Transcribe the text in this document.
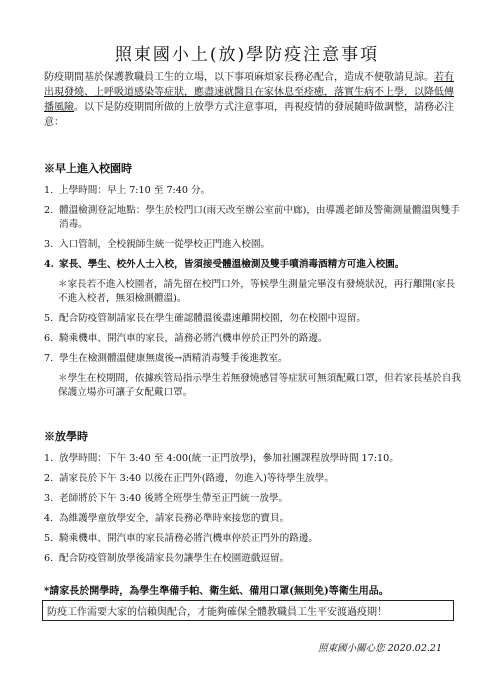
照東國小上(放)學防疫注意事項
防疫期間基於保護教職員工生的立場，以下事項麻煩家長務必配合，造成不便敬請見諒。若有出現發燒、上呼吸道感染等症狀，應盡速就醫且在家休息至痊癒，落實生病不上學，以降低傳播風險。以下是防疫期間所做的上放學方式注意事項，再視疫情的發展隨時做調整，請務必注意：
※早上進入校園時
1. 上學時間：早上 7:10 至 7:40 分。
2. 體溫檢測登記地點：學生於校門口(雨天改至辦公室前中廊)，由導護老師及警衛測量體溫與雙手消毒。
3. 入口管制，全校親師生統一從學校正門進入校園。
4. 家長、學生、校外人士入校，皆須接受體溫檢測及雙手噴消毒酒精方可進入校園。
＊家長若不進入校園者，請先留在校門口外，等候學生測量完畢沒有發燒狀況，再行離開(家長不進入校者，無須檢測體溫)。
5. 配合防疫管制請家長在學生確認體溫後盡速離開校園，勿在校園中逗留。
6. 騎乘機車、開汽車的家長，請務必將汽機車停於正門外的路邊。
7. 學生在檢測體溫健康無虞後→酒精消毒雙手後進教室。
＊學生在校期間，依據疾管局指示學生若無發燒感冒等症狀可無須配戴口罩，但若家長基於自我保護立場亦可讓子女配戴口罩。
※放學時
1. 放學時間：下午 3:40 至 4:00(統一正門放學)，參加社團課程放學時間 17:10。
2. 請家長於下午 3:40 以後在正門外(路邊，勿進入)等待學生放學。
3. 老師將於下午 3:40 後將全班學生帶至正門統一放學。
4. 為維護學童放學安全，請家長務必準時來接您的寶貝。
5. 騎乘機車、開汽車的家長請務必將汽機車停於正門外的路邊。
6. 配合防疫管制放學後請家長勿讓學生在校園遊戲逗留。
*請家長於開學時，為學生準備手帕、衛生紙、備用口罩(無則免)等衛生用品。
防疫工作需要大家的信賴與配合，才能夠確保全體教職員工生平安渡過疫期！
照東國小關心您 2020.02.21
